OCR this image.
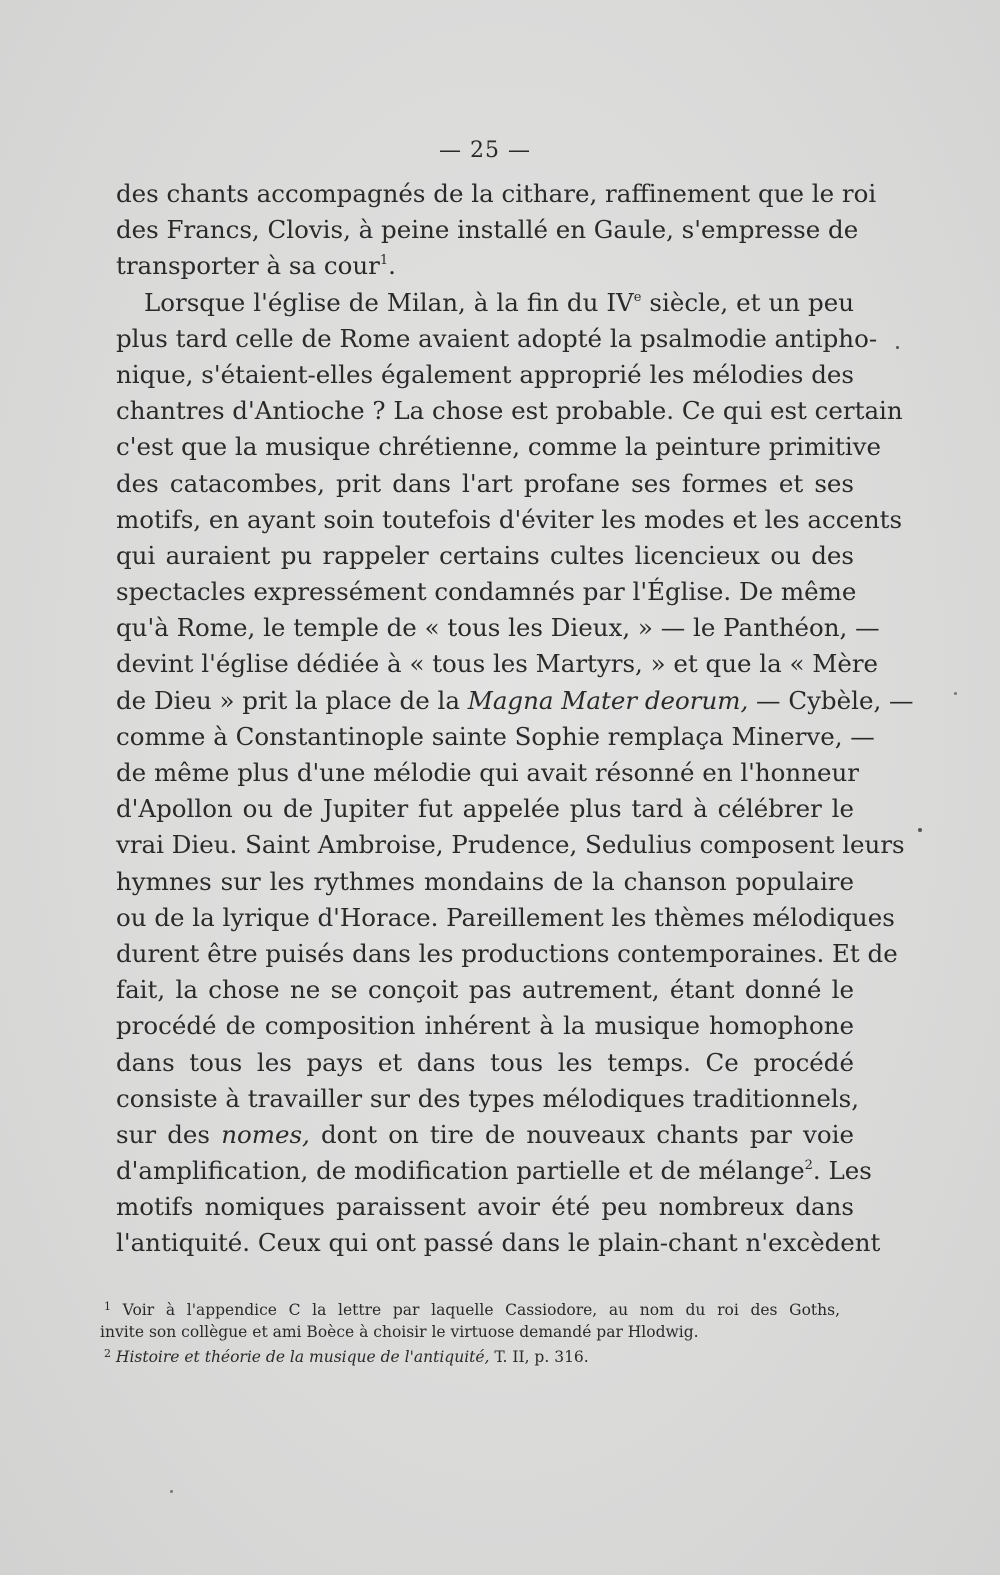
— 25 —
des chants accompagnés de la cithare, raffinement que le roi
des Francs, Clovis, à peine installé en Gaule, s'empresse de
transporter à sa cour$^1$.
Lorsque l'église de Milan, à la fin du IVe siècle, et un peu
plus tard celle de Rome avaient adopté la psalmodie antipho-
nique, s'étaient-elles également approprié les mélodies des
chantres d'Antioche ? La chose est probable. Ce qui est certain
c'est que la musique chrétienne, comme la peinture primitive
des catacombes, prit dans l'art profane ses formes et ses
motifs, en ayant soin toutefois d'éviter les modes et les accents
qui auraient pu rappeler certains cultes licencieux ou des
spectacles expressément condamnés par l'Église. De même
qu'à Rome, le temple de « tous les Dieux, » — le Panthéon, —
devint l'église dédiée à « tous les Martyrs, » et que la « Mère
de Dieu » prit la place de la Magna Mater deorum, — Cybèle, —
comme à Constantinople sainte Sophie remplaça Minerve, —
de même plus d'une mélodie qui avait résonné en l'honneur
d'Apollon ou de Jupiter fut appelée plus tard à célébrer le
vrai Dieu. Saint Ambroise, Prudence, Sedulius composent leurs
hymnes sur les rythmes mondains de la chanson populaire
ou de la lyrique d'Horace. Pareillement les thèmes mélodiques
durent être puisés dans les productions contemporaines. Et de
fait, la chose ne se conçoit pas autrement, étant donné le
procédé de composition inhérent à la musique homophone
dans tous les pays et dans tous les temps. Ce procédé
consiste à travailler sur des types mélodiques traditionnels,
sur des nomes, dont on tire de nouveaux chants par voie
d'amplification, de modification partielle et de mélange$^2$. Les
motifs nomiques paraissent avoir été peu nombreux dans
l'antiquité. Ceux qui ont passé dans le plain-chant n'excèdent
$^1$ Voir à l'appendice C la lettre par laquelle Cassiodore, au nom du roi des Goths,
invite son collègue et ami Boèce à choisir le virtuose demandé par Hlodwig.
$^2$ Histoire et théorie de la musique de l'antiquité, T. II, p. 316.
